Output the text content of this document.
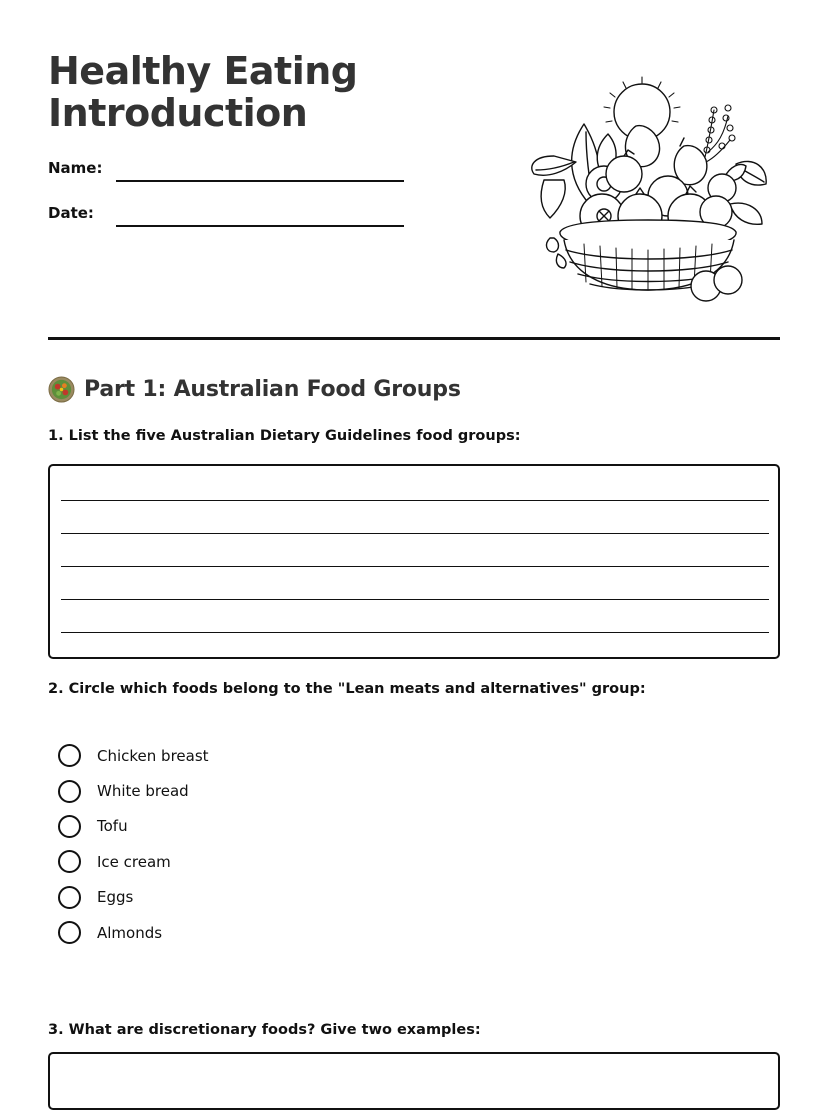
Healthy Eating
Introduction
Name:
Date:
Part 1: Australian Food Groups
1. List the five Australian Dietary Guidelines food groups:
2. Circle which foods belong to the "Lean meats and alternatives" group:
Chicken breast
White bread
Tofu
Ice cream
Eggs
Almonds
3. What are discretionary foods? Give two examples:
